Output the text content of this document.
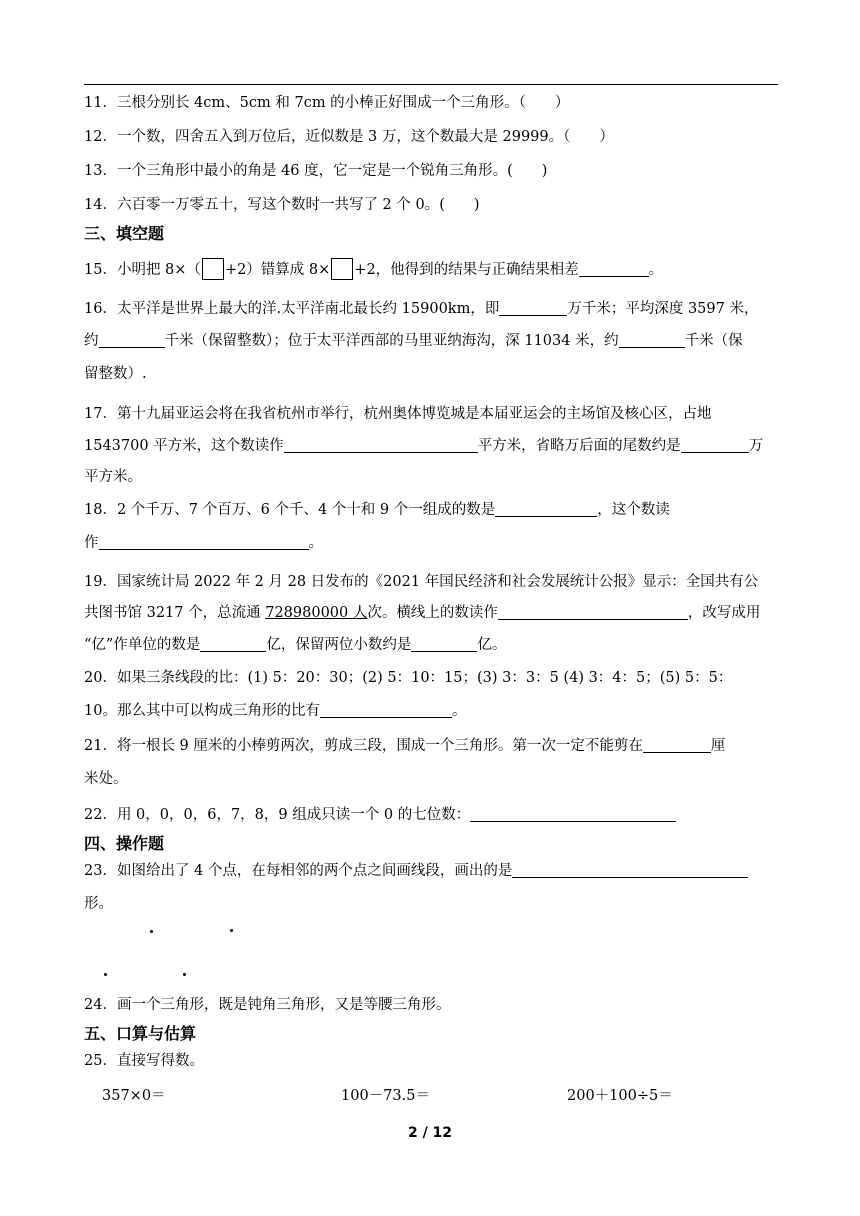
11．三根分别长 4cm、5cm 和 7cm 的小棒正好围成一个三角形。（　　）
12．一个数，四舍五入到万位后，近似数是 3 万，这个数最大是 29999。（　　）
13．一个三角形中最小的角是 46 度，它一定是一个锐角三角形。(　　)
14．六百零一万零五十，写这个数时一共写了 2 个 0。(　　)
三、填空题
15．小明把 8×（ +2）错算成 8× +2，他得到的结果与正确结果相差	。
16．太平洋是世界上最大的洋.太平洋南北最长约 15900km，即	万千米；平均深度 3597 米，
约	千米（保留整数）；位于太平洋西部的马里亚纳海沟，深 11034 米，约	千米（保
留整数）.
17．第十九届亚运会将在我省杭州市举行，杭州奥体博览城是本届亚运会的主场馆及核心区，占地
1543700 平方米，这个数读作	平方米，省略万后面的尾数约是	万
平方米。
18．2 个千万、7 个百万、6 个千、4 个十和 9 个一组成的数是	，这个数读
作	。
19．国家统计局 2022 年 2 月 28 日发布的《2021 年国民经济和社会发展统计公报》显示：全国共有公
共图书馆 3217 个，总流通 728980000 人次。横线上的数读作	，改写成用
“亿”作单位的数是	亿，保留两位小数约是	亿。
20．如果三条线段的比：(1) 5：20：30；(2) 5：10：15；(3) 3：3：5 (4) 3：4：5；(5) 5：5：
10。那么其中可以构成三角形的比有	。
21．将一根长 9 厘米的小棒剪两次，剪成三段，围成一个三角形。第一次一定不能剪在	厘
米处。
22．用 0，0，0，6，7，8，9 组成只读一个 0 的七位数：
四、操作题
23．如图给出了 4 个点，在每相邻的两个点之间画线段，画出的是
形。
24．画一个三角形，既是钝角三角形，又是等腰三角形。
五、口算与估算
25．直接写得数。
357×0＝	100－73.5＝	200＋100÷5＝
2 / 12
